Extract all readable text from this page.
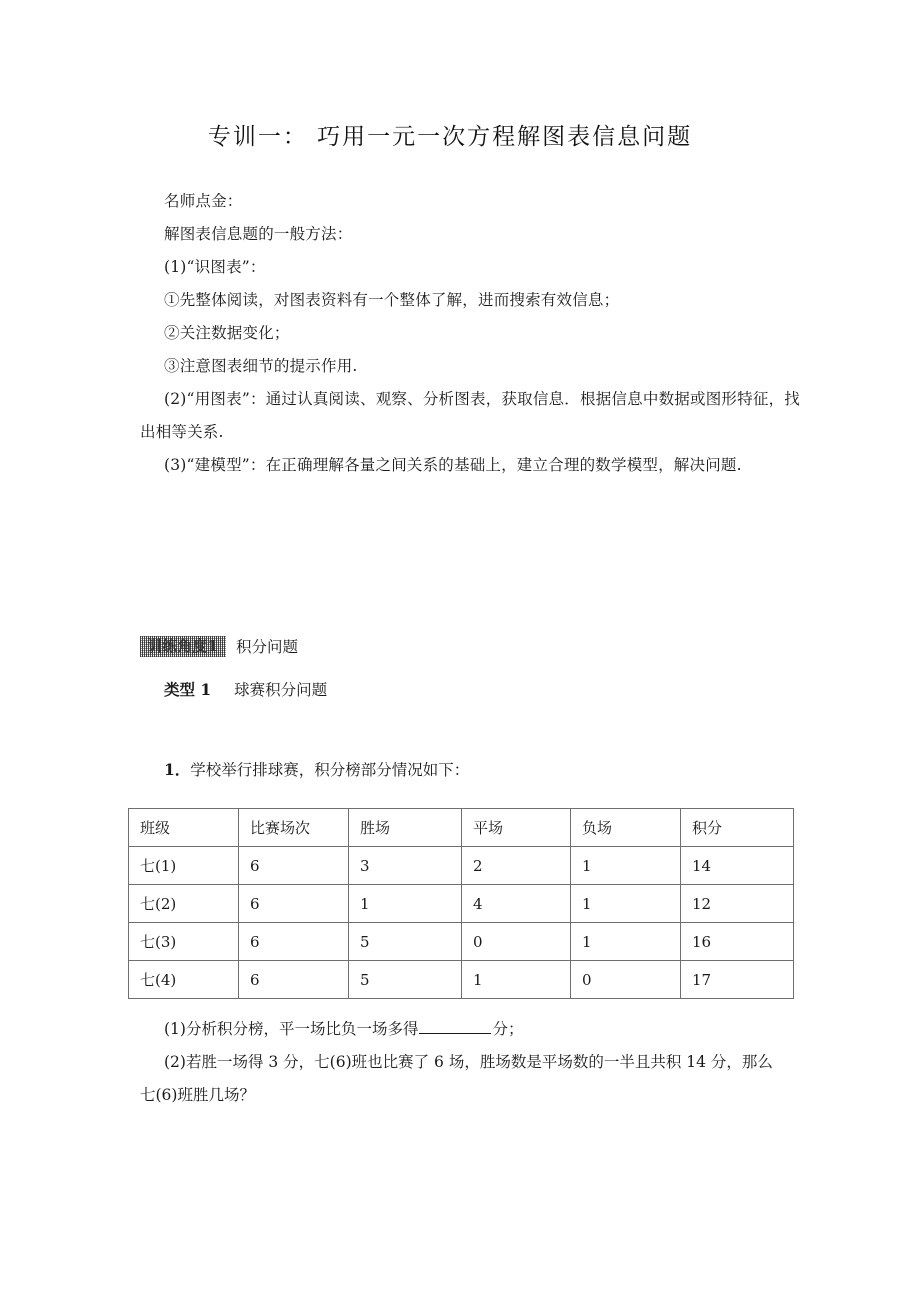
专训一： 巧用一元一次方程解图表信息问题

名师点金：

解图表信息题的一般方法：

(1)“识图表”：

①先整体阅读，对图表资料有一个整体了解，进而搜索有效信息；

②关注数据变化；

③注意图表细节的提示作用.

(2)“用图表”：通过认真阅读、观察、分析图表，获取信息．根据信息中数据或图形特征，找出相等关系.

(3)“建模型”：在正确理解各量之间关系的基础上，建立合理的数学模型，解决问题.

训练角度1 积分问题
类型 1 球赛积分问题
1．学校举行排球赛，积分榜部分情况如下：
班级	比赛场次	胜场	平场	负场	积分
七(1)	6	3	2	1	14
七(2)	6	1	4	1	12
七(3)	6	5	0	1	16
七(4)	6	5	1	0	17

(1)分析积分榜，平一场比负一场多得	分；

(2)若胜一场得 3 分，七(6)班也比赛了 6 场，胜场数是平场数的一半且共积 14 分，那么

七(6)班胜几场？
